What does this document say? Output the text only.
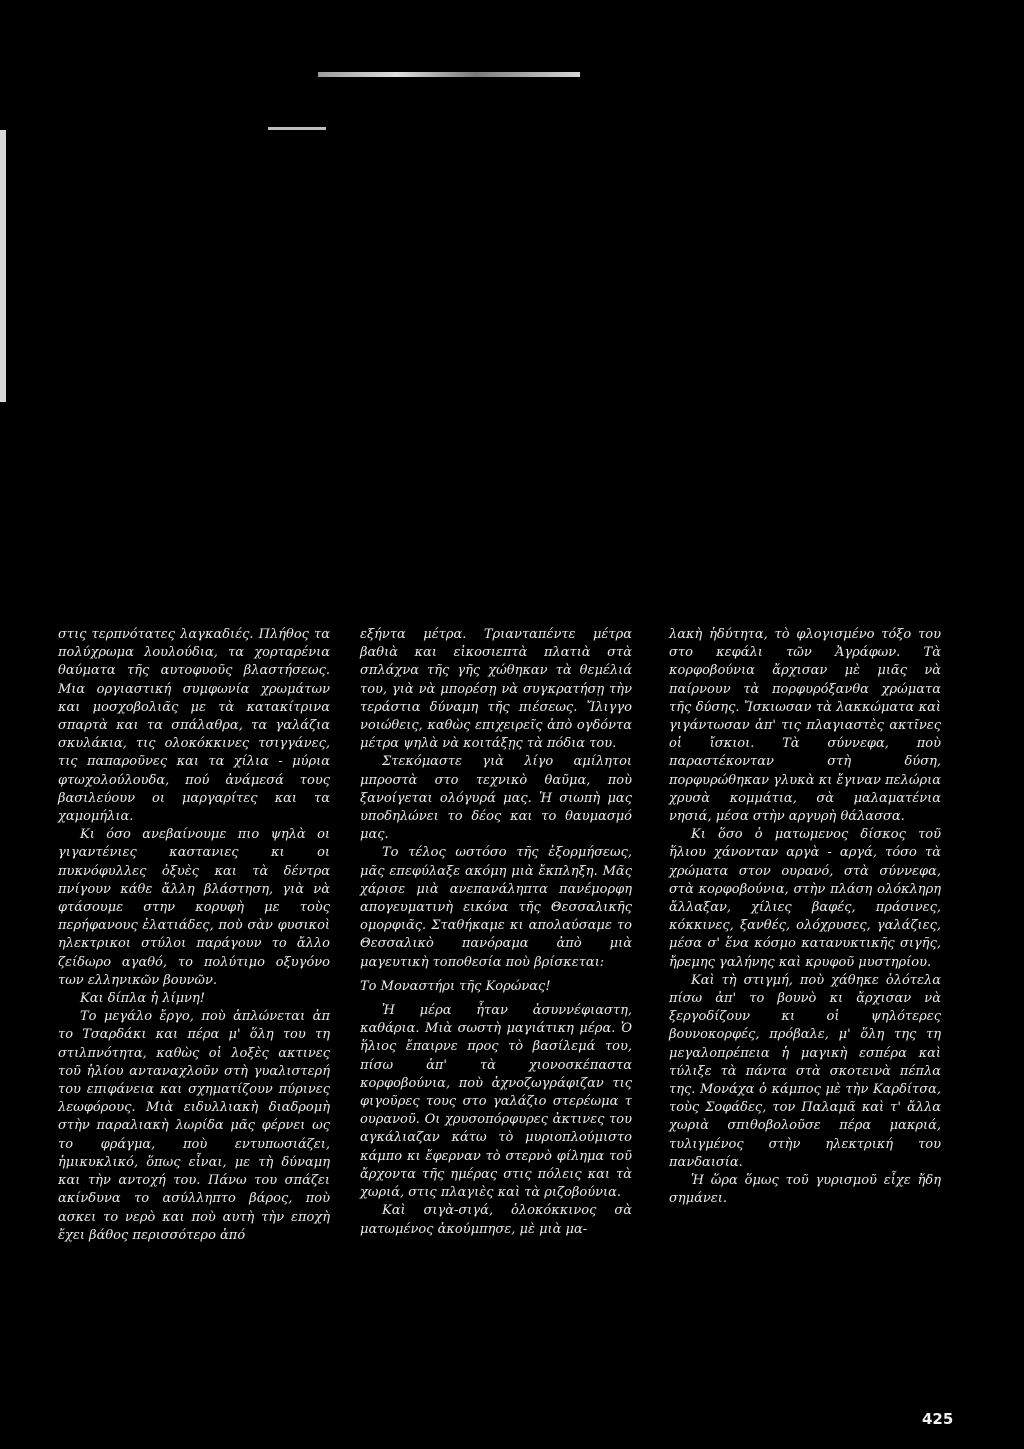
στις τερπνότατες λαγκαδιές. Πλήθος τα πολύχρωμα λουλούδια, τα χορταρένια θαύματα τῆς αυτοφυοῦς βλαστήσεως. Μια οργιαστική συμφωνία χρωμάτων και μοσχοβολιᾶς με τὰ κατακίτρινα σπαρτὰ και τα σπάλαθρα, τα γαλάζια σκυλάκια, τις ολοκόκκινες τσιγγάνες, τις παπαροῦνες και τα χίλια - μύρια φτωχολούλουδα, πού ἀνάμεσά τους βασιλεύουν οι μαργαρίτες και τα χαμομήλια.

Κι όσο ανεβαίνουμε πιο ψηλὰ οι γιγαντένιες καστανιες κι οι πυκνόφυλλες ὀξυὲς και τὰ δέντρα πνίγουν κάθε ἄλλη βλάστηση, γιὰ νὰ φτάσουμε στην κορυφὴ με τοὺς περήφανους ἐλατιάδες, ποὺ σὰν φυσικοὶ ηλεκτρικοι στύλοι παράγουν το ἄλλο ζείδωρο αγαθό, το πολύτιμο οξυγόνο των ελληνικῶν βουνῶν.

Και δίπλα ἡ λίμνη!

Το μεγάλο ἔργο, ποὺ ἁπλώνεται ἀπ το Τσαρδάκι και πέρα μ' ὅλη του τη στιλπνότητα, καθὼς οἱ λοξὲς ακτινες τοῦ ἡλίου ανταναχλοῦν στὴ γυαλιστερή του επιφάνεια και σχηματίζουν πύρινες λεωφόρους. Μιὰ ειδυλλιακὴ διαδρομὴ στὴν παραλιακὴ λωρίδα μᾶς φέρνει ως το φράγμα, ποὺ εντυπωσιάζει, ἡμικυκλικό, ὅπως εἶναι, με τὴ δύναμη και τὴν αντοχή του. Πάνω του σπάζει ακίνδυνα το ασύλληπτο βάρος, ποὺ ασκει το νερὸ και ποὺ αυτὴ τὴν εποχὴ ἔχει βάθος περισσότερο ἀπό

εξήντα μέτρα. Τριανταπέντε μέτρα βαθιὰ και εἰκοσιεπτὰ πλατιὰ στὰ σπλάχνα τῆς γῆς χώθηκαν τὰ θεμέλιά του, γιὰ νὰ μπορέσῃ νὰ συγκρατήσῃ τὴν τεράστια δύναμη τῆς πιέσεως. Ἴλιγγο νοιώθεις, καθὼς επιχειρεῖς ἀπὸ ογδόντα μέτρα ψηλὰ νὰ κοιτάξῃς τὰ πόδια του.

Στεκόμαστε γιὰ λίγο αμίλητοι μπροστὰ στο τεχνικὸ θαῦμα, ποὺ ξανοίγεται ολόγυρά μας. Ἡ σιωπὴ μας υποδηλώνει το δέος και το θαυμασμό μας.

Το τέλος ωστόσο τῆς ἐξορμήσεως, μᾶς επεφύλαξε ακόμη μιὰ ἔκπληξη. Μᾶς χάρισε μιὰ ανεπανάληπτα πανέμορφη απογευματινὴ εικόνα τῆς Θεσσαλικῆς ομορφιᾶς. Σταθήκαμε κι απολαύσαμε το Θεσσαλικὸ πανόραμα ἀπὸ μιὰ μαγευτικὴ τοποθεσία ποὺ βρίσκεται:

Το Μοναστήρι τῆς Κορώνας!

Ἡ μέρα ἦταν ἀσυννέφιαστη, καθάρια. Μιὰ σωστὴ μαγιάτικη μέρα. Ὁ ἥλιος ἔπαιρνε προς τὸ βασίλεμά του, πίσω ἀπ' τὰ χιονοσκέπαστα κορφοβούνια, ποὺ ἀχνοζωγράφιζαν τις φιγοῦρες τους στο γαλάζιο στερέωμα τ ουρανοῦ. Οι χρυσοπόρφυρες ἀκτινες του αγκάλιαζαν κάτω τὸ μυριοπλούμιστο κάμπο κι ἔφερναν τὸ στερνὸ φίλημα τοῦ ἄρχοντα τῆς ημέρας στις πόλεις και τὰ χωριά, στις πλαγιὲς καὶ τὰ ριζοβούνια.

Καὶ σιγὰ-σιγά, ὁλοκόκκινος σὰ ματωμένος ἀκούμπησε, μὲ μιὰ μα-

λακὴ ἡδύτητα, τὸ φλογισμένο τόξο του στο κεφάλι τῶν Ἀγράφων. Τὰ κορφοβούνια ἄρχισαν μὲ μιᾶς νὰ παίρνουν τὰ πορφυρόξανθα χρώματα τῆς δύσης. Ἴσκιωσαν τὰ λακκώματα καὶ γιγάντωσαν ἀπ' τις πλαγιαστὲς ακτῖνες οἱ ἴσκιοι. Τὰ σύννεφα, ποὺ παραστέκονταν στὴ δύση, πορφυρώθηκαν γλυκὰ κι ἔγιναν πελώρια χρυσὰ κομμάτια, σὰ μαλαματένια νησιά, μέσα στὴν αργυρὴ θάλασσα.

Κι ὅσο ὁ ματωμενος δίσκος τοῦ ἥλιου χάνονταν αργὰ - αργά, τόσο τὰ χρώματα στον ουρανό, στὰ σύννεφα, στὰ κορφοβούνια, στὴν πλάση ολόκληρη ἄλλαξαν, χίλιες βαφές, πράσινες, κόκκινες, ξανθές, ολόχρυσες, γαλάζιες, μέσα σ' ἕνα κόσμο κατανυκτικῆς σιγῆς, ἤρεμης γαλήνης καὶ κρυφοῦ μυστηρίου.

Καὶ τὴ στιγμή, ποὺ χάθηκε ὁλότελα πίσω ἀπ' το βουνὸ κι ἄρχισαν νὰ ξεργοδίζουν κι οἱ ψηλότερες βουνοκορφές, πρόβαλε, μ' ὅλη της τη μεγαλοπρέπεια ἡ μαγικὴ εσπέρα καὶ τύλιξε τὰ πάντα στὰ σκοτεινὰ πέπλα της. Μονάχα ὁ κάμπος μὲ τὴν Καρδίτσα, τοὺς Σοφάδες, τον Παλαμᾶ καὶ τ' ἄλλα χωριὰ σπιθοβολοῦσε πέρα μακριά, τυλιγμένος στὴν ηλεκτρική του πανδαισία.

Ἡ ὥρα ὅμως τοῦ γυρισμοῦ εἶχε ἤδη σημάνει.

425
